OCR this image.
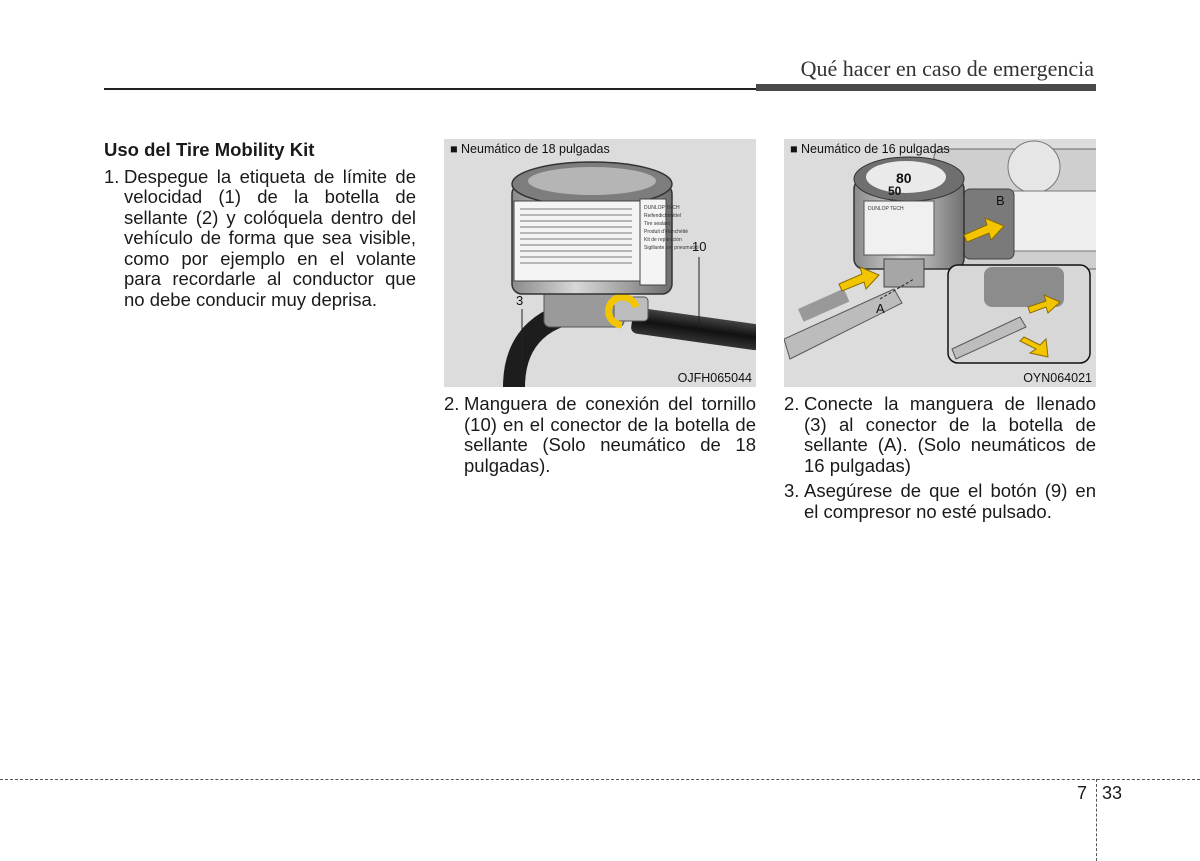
Qué hacer en caso de emergencia
Uso del Tire Mobility Kit
1. Despegue la etiqueta de límite de velocidad (1) de la botella de sellante (2) y colóquela dentro del vehículo de forma que sea visible, como por ejemplo en el volante para recordarle al conductor que no debe conducir muy deprisa.
■ Neumático de 18 pulgadas
DUNLOP TECH Reifendichtmittel Tire sealant Produit d'étanchéité Kit de reparación Sigillante per pneumatici
3
10
OJFH065044
■ Neumático de 16 pulgadas
80
50
DUNLOP TECH
A
B
OYN064021
2. Manguera de conexión del tornillo (10) en el conector de la botella de sellante (Solo neumático de 18 pulgadas).
2. Conecte la manguera de llenado (3) al conector de la botella de sellante (A). (Solo neumáticos de 16 pulgadas)
3. Asegúrese de que el botón (9) en el compresor no esté pulsado.
7 33
